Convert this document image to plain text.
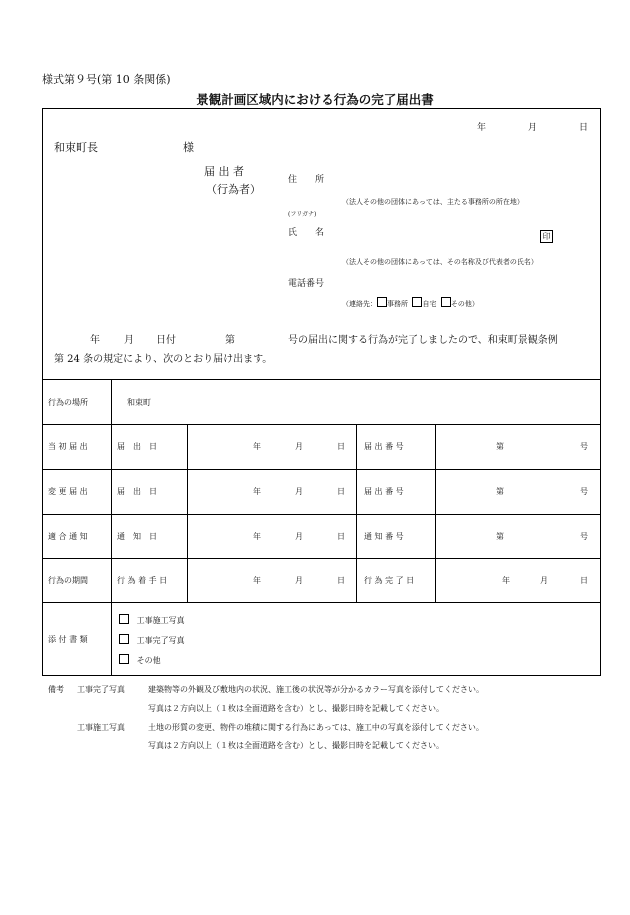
様式第９号(第 10 条関係)
景観計画区域内における行為の完了届出書
年	月	日
和束町長	様
届 出 者
（行為者）
住　　所
（法人その他の団体にあっては、主たる事務所の所在地）
(フリガナ)
氏　　名	印
（法人その他の団体にあっては、その名称及び代表者の氏名）
電話番号
（連絡先： 事務所 自宅 その他）
年 月 日付	第	号の届出に関する行為が完了しましたので、和束町景観条例
第 24 条の規定により、次のとおり届け出ます。
行為の場所	和束町
当 初 届 出	届　出　日	年	月	日 届 出 番 号	第	号
変 更 届 出	届　出　日	年	月	日 届 出 番 号	第	号
適 合 通 知	通　知　日	年	月	日 通 知 番 号	第	号
行為の期間	行 為 着 手 日	年	月	日 行 為 完 了 日	年	月	日
添 付 書 類
工事施工写真
工事完了写真
その他
備考 工事完了写真	建築物等の外観及び敷地内の状況、施工後の状況等が分かるカラー写真を添付してください。
写真は２方向以上（１枚は全面道路を含む）とし、撮影日時を記載してください。
工事施工写真	土地の形質の変更、物件の堆積に関する行為にあっては、施工中の写真を添付してください。
写真は２方向以上（１枚は全面道路を含む）とし、撮影日時を記載してください。
